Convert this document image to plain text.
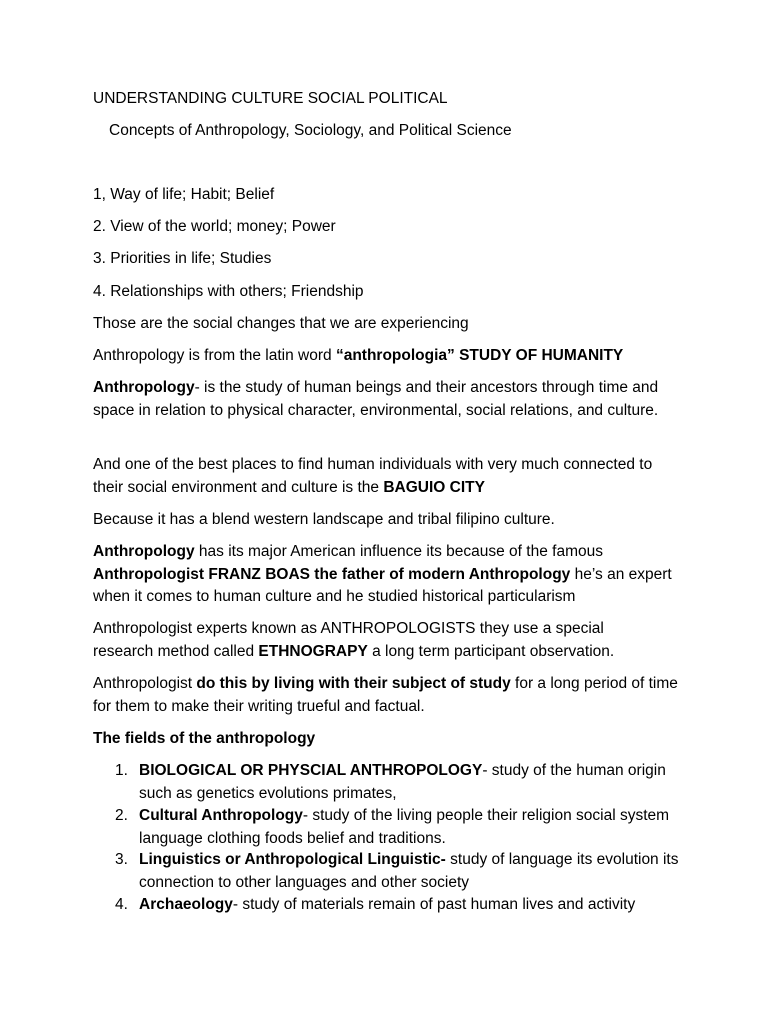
UNDERSTANDING CULTURE SOCIAL POLITICAL

Concepts of Anthropology, Sociology, and Political Science

1, Way of life; Habit; Belief

2. View of the world; money; Power

3. Priorities in life; Studies

4. Relationships with others; Friendship

Those are the social changes that we are experiencing

Anthropology is from the latin word “anthropologia” STUDY OF HUMANITY

Anthropology- is the study of human beings and their ancestors through time and space in relation to physical character, environmental, social relations, and culture.

And one of the best places to find human individuals with very much connected to their social environment and culture is the BAGUIO CITY

Because it has a blend western landscape and tribal filipino culture.

Anthropology has its major American influence its because of the famous Anthropologist FRANZ BOAS the father of modern Anthropology he’s an expert when it comes to human culture and he studied historical particularism

Anthropologist experts known as ANTHROPOLOGISTS they use a special research method called ETHNOGRAPY a long term participant observation.

Anthropologist do this by living with their subject of study for a long period of time for them to make their writing trueful and factual.

The fields of the anthropology

1. BIOLOGICAL OR PHYSCIAL ANTHROPOLOGY- study of the human origin such as genetics evolutions primates,
2. Cultural Anthropology- study of the living people their religion social system language clothing foods belief and traditions.
3. Linguistics or Anthropological Linguistic- study of language its evolution its connection to other languages and other society
4. Archaeology- study of materials remain of past human lives and activity
